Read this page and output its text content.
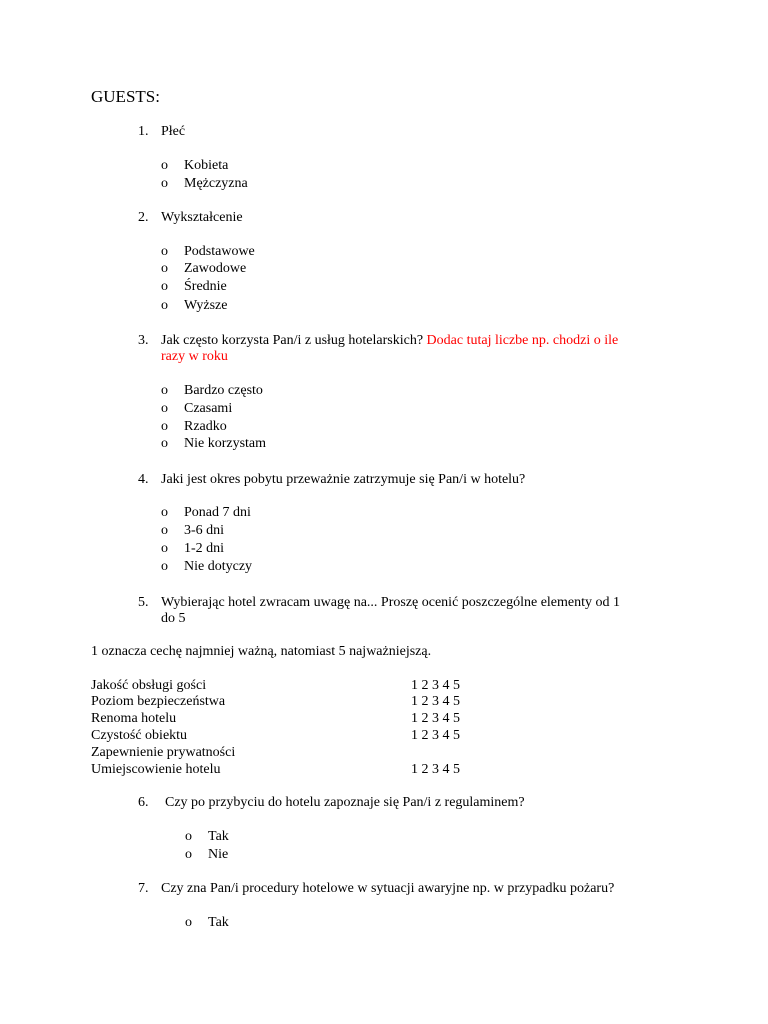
GUESTS:
1. Płeć
o Kobieta
o Mężczyzna
2. Wykształcenie
o Podstawowe
o Zawodowe
o Średnie
o Wyższe
3. Jak często korzysta Pan/i z usług hotelarskich? Dodac tutaj liczbe np. chodzi o ile
razy w roku
o Bardzo często
o Czasami
o Rzadko
o Nie korzystam
4. Jaki jest okres pobytu przeważnie zatrzymuje się Pan/i w hotelu?
o Ponad 7 dni
o 3-6 dni
o 1-2 dni
o Nie dotyczy
5. Wybierając hotel zwracam uwagę na... Proszę ocenić poszczególne elementy od 1
do 5
1 oznacza cechę najmniej ważną, natomiast 5 najważniejszą.
Jakość obsługi gości	1 2 3 4 5
Poziom bezpieczeństwa	1 2 3 4 5
Renoma hotelu	1 2 3 4 5
Czystość obiektu	1 2 3 4 5
Zapewnienie prywatności
Umiejscowienie hotelu	1 2 3 4 5
6. Czy po przybyciu do hotelu zapoznaje się Pan/i z regulaminem?
o Tak
o Nie
7. Czy zna Pan/i procedury hotelowe w sytuacji awaryjne np. w przypadku pożaru?
o Tak
